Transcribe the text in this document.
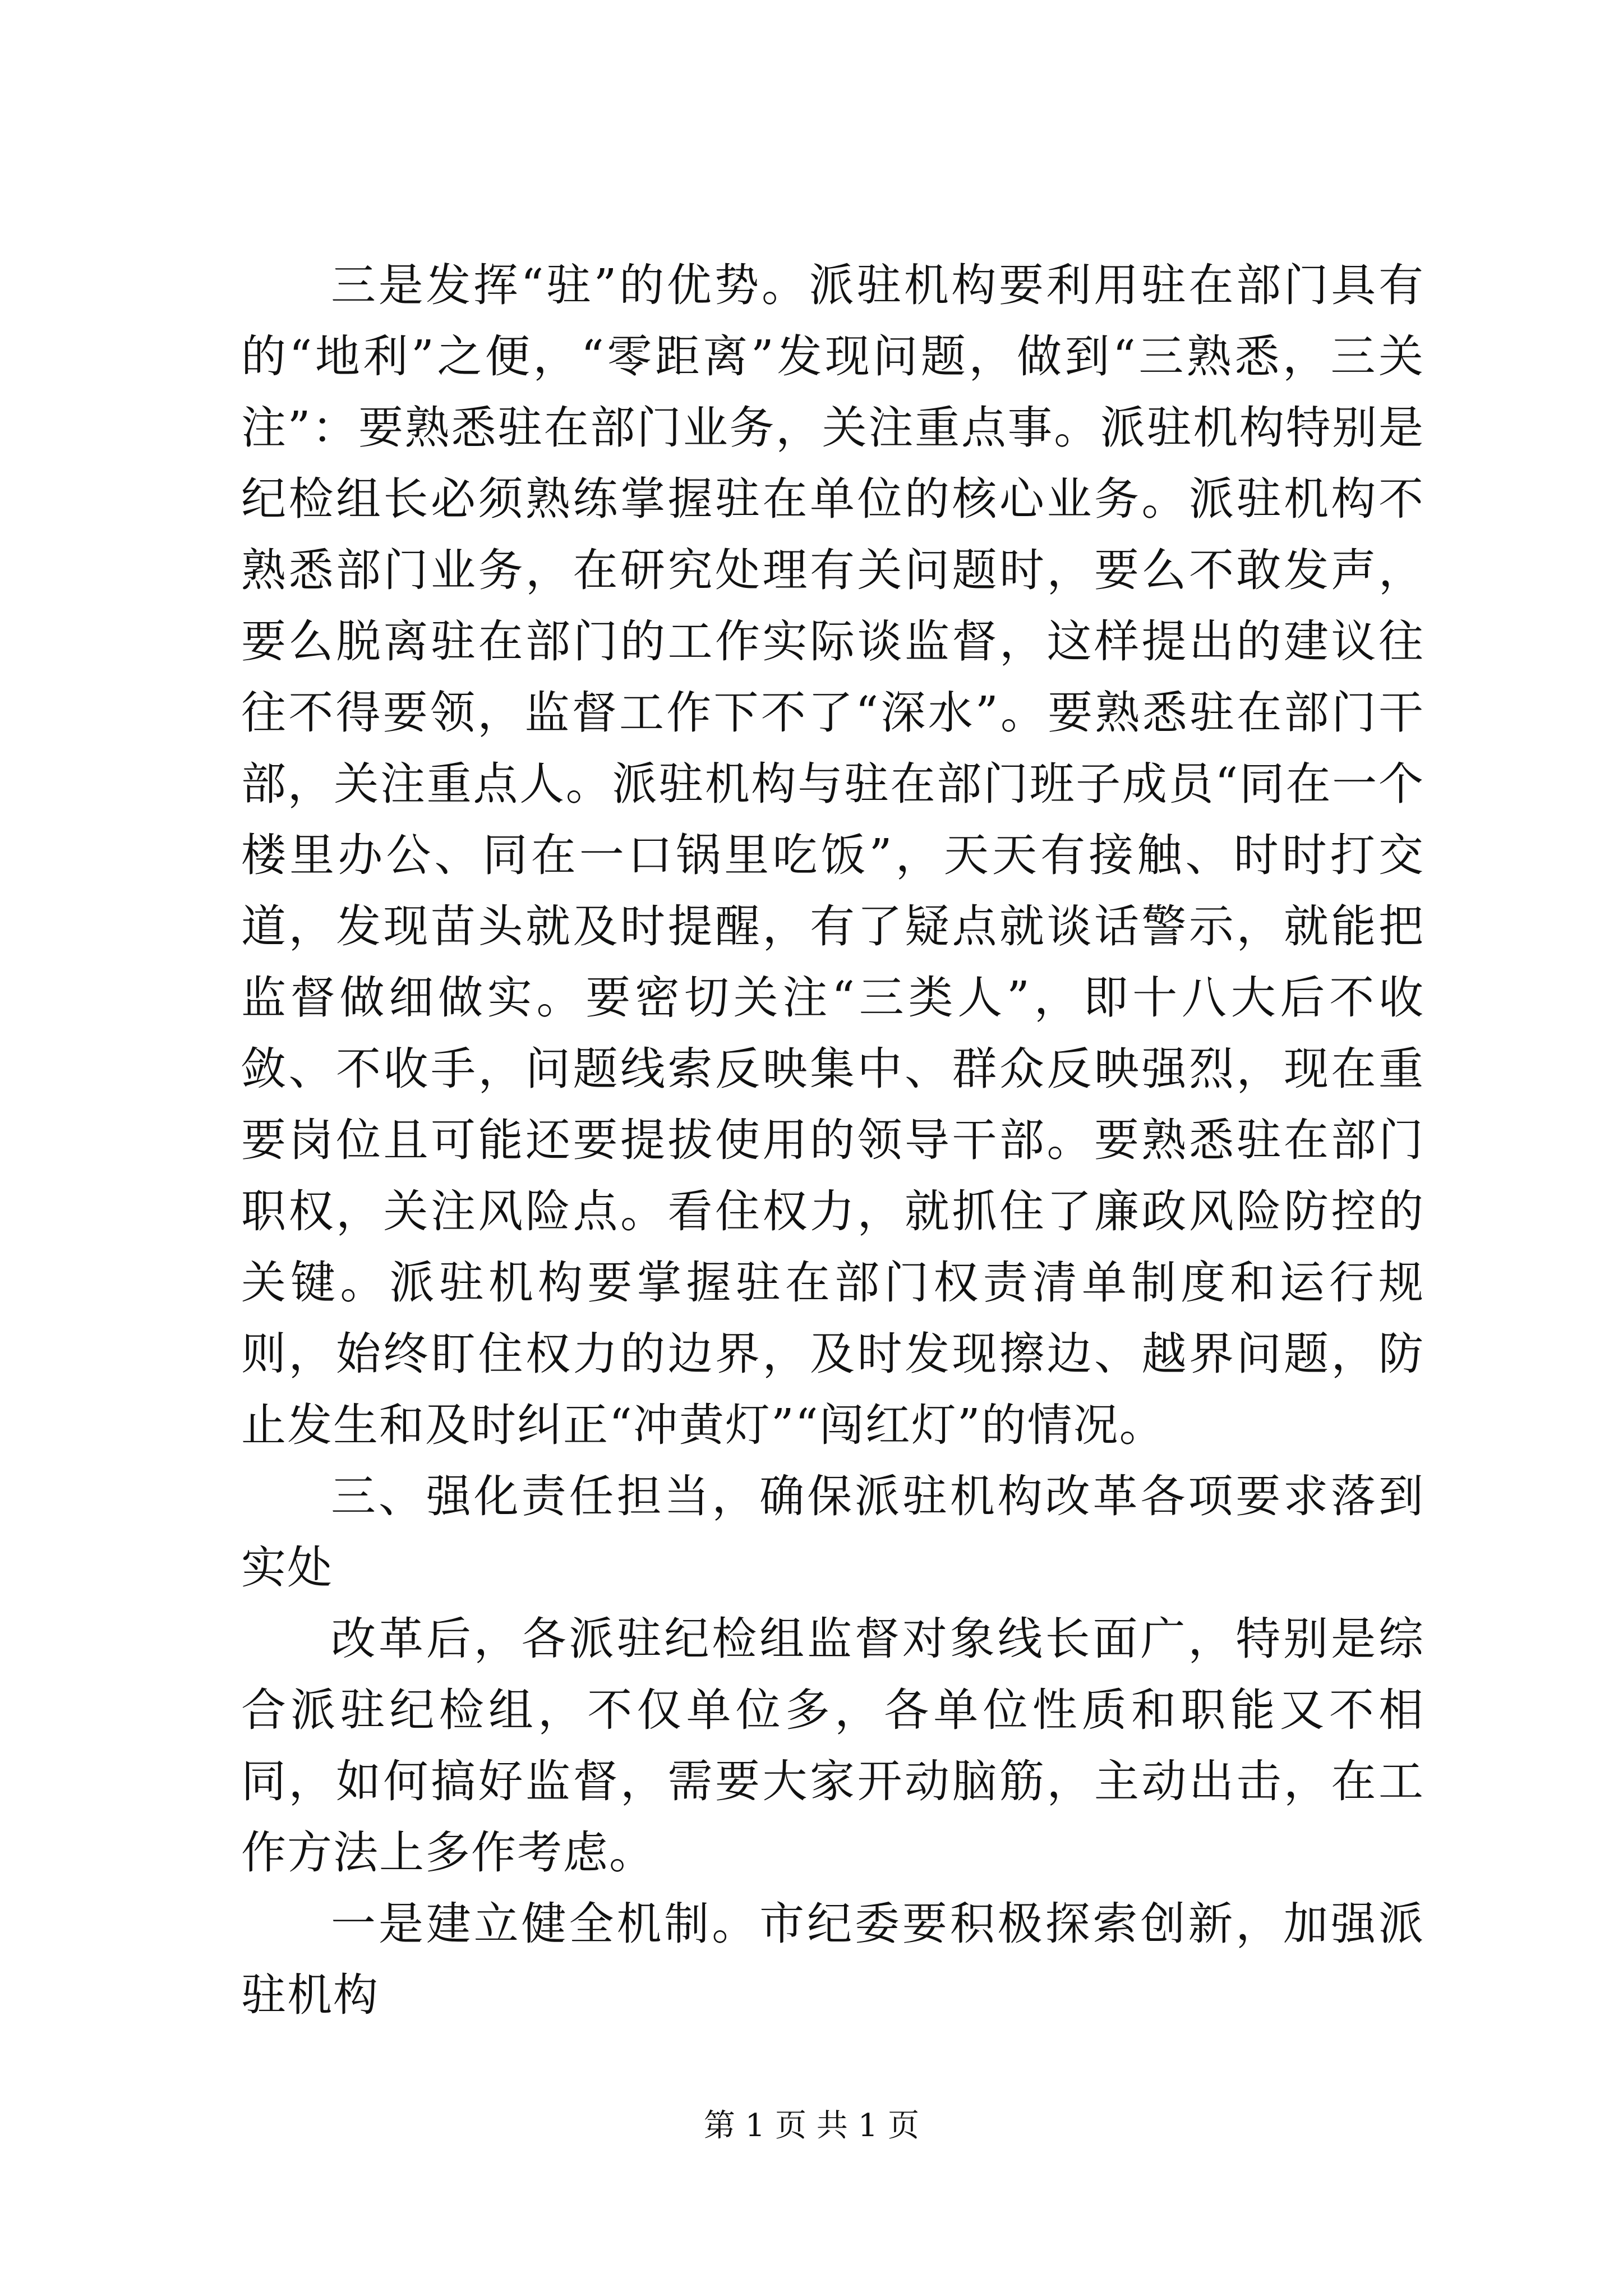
三是发挥“驻”的优势。派驻机构要利用驻在部门具有的“地利”之便，“零距离”发现问题，做到“三熟悉，三关注”：要熟悉驻在部门业务，关注重点事。派驻机构特别是纪检组长必须熟练掌握驻在单位的核心业务。派驻机构不熟悉部门业务，在研究处理有关问题时，要么不敢发声，要么脱离驻在部门的工作实际谈监督，这样提出的建议往往不得要领，监督工作下不了“深水”。要熟悉驻在部门干部，关注重点人。派驻机构与驻在部门班子成员“同在一个楼里办公、同在一口锅里吃饭”，天天有接触、时时打交道，发现苗头就及时提醒，有了疑点就谈话警示，就能把监督做细做实。要密切关注“三类人”，即十八大后不收敛、不收手，问题线索反映集中、群众反映强烈，现在重要岗位且可能还要提拔使用的领导干部。要熟悉驻在部门职权，关注风险点。看住权力，就抓住了廉政风险防控的关键。派驻机构要掌握驻在部门权责清单制度和运行规则，始终盯住权力的边界，及时发现擦边、越界问题，防止发生和及时纠正“冲黄灯”“闯红灯”的情况。

三、强化责任担当，确保派驻机构改革各项要求落到实处

改革后，各派驻纪检组监督对象线长面广，特别是综合派驻纪检组，不仅单位多，各单位性质和职能又不相同，如何搞好监督，需要大家开动脑筋，主动出击，在工作方法上多作考虑。

一是建立健全机制。市纪委要积极探索创新，加强派驻机构

第 1 页 共 1 页
